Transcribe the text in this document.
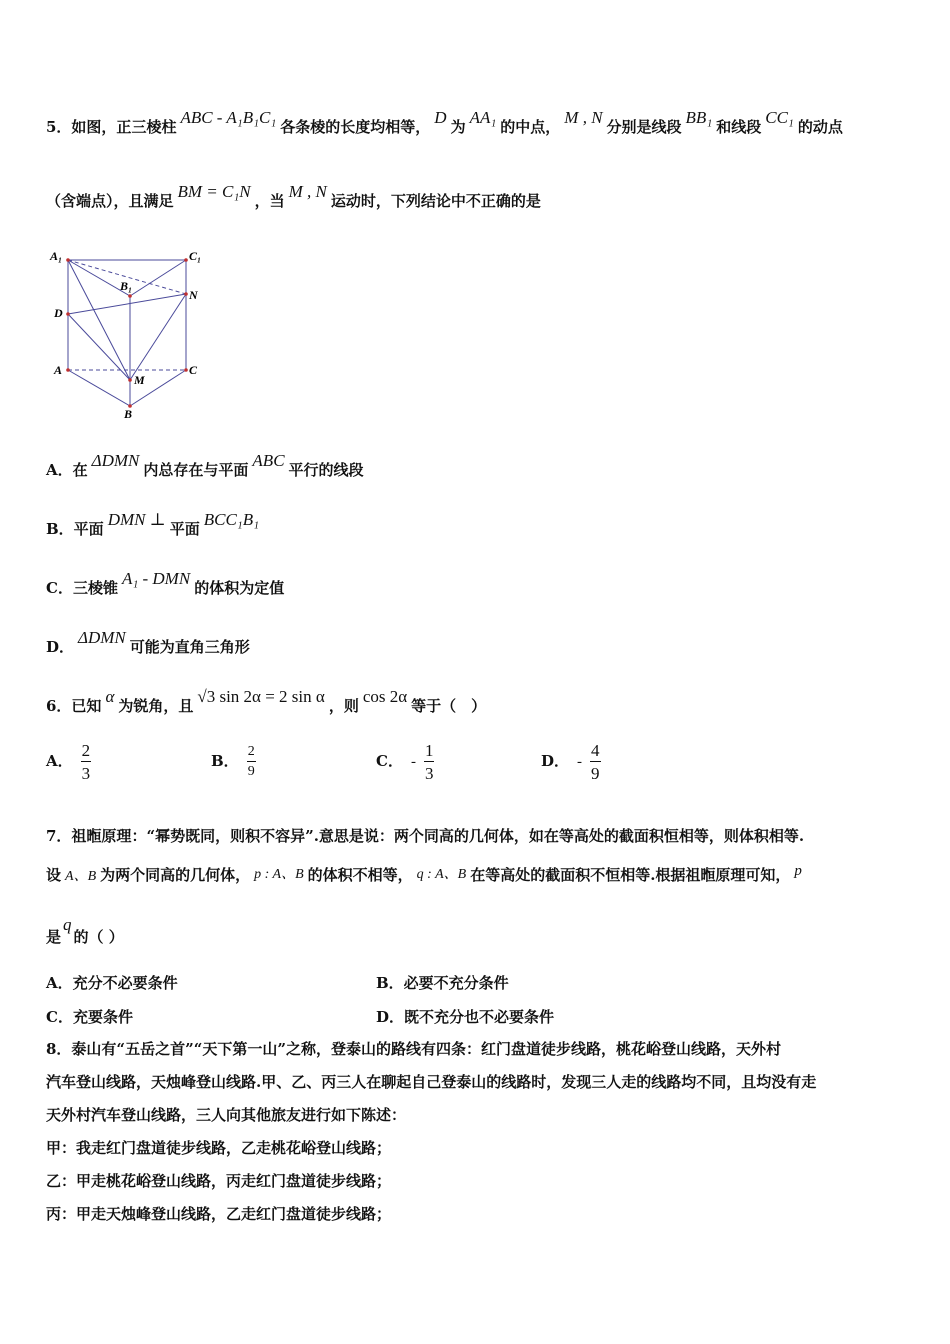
5．如图，正三棱柱 ABC - A₁B₁C₁ 各条棱的长度均相等， D 为 AA₁ 的中点， M , N 分别是线段 BB₁ 和线段 CC₁ 的动点
（含端点），且满足 BM = C₁N ，当 M , N 运动时，下列结论中不正确的是
A₁	C₁
B₁
N
D
A
M
C
B
A．在 ΔDMN 内总存在与平面 ABC 平行的线段
B．平面 DMN ⊥ 平面 BCC₁B₁
C．三棱锥 A₁ - DMN 的体积为定值
D． ΔDMN 可能为直角三角形
6．已知 α 为锐角，且 √3 sin 2α = 2 sin α ，则 cos 2α 等于（　）
A． $\frac{2}{3}$	B． $\frac{2}{9}$	C． - $\frac{1}{3}$	D． - $\frac{4}{9}$
7．祖暅原理：“幂势既同，则积不容异”.意思是说：两个同高的几何体，如在等高处的截面积恒相等，则体积相等.
设 A、B 为两个同高的几何体， p : A、B 的体积不相等， q : A、B 在等高处的截面积不恒相等.根据祖暅原理可知， p
是q的（ ）
A．充分不必要条件	B．必要不充分条件
C．充要条件	D．既不充分也不必要条件
8．泰山有“五岳之首”“天下第一山”之称，登泰山的路线有四条：红门盘道徒步线路，桃花峪登山线路，天外村
汽车登山线路，天烛峰登山线路.甲、乙、丙三人在聊起自己登泰山的线路时，发现三人走的线路均不同，且均没有走
天外村汽车登山线路，三人向其他旅友进行如下陈述：
甲：我走红门盘道徒步线路，乙走桃花峪登山线路；
乙：甲走桃花峪登山线路，丙走红门盘道徒步线路；
丙：甲走天烛峰登山线路，乙走红门盘道徒步线路；
